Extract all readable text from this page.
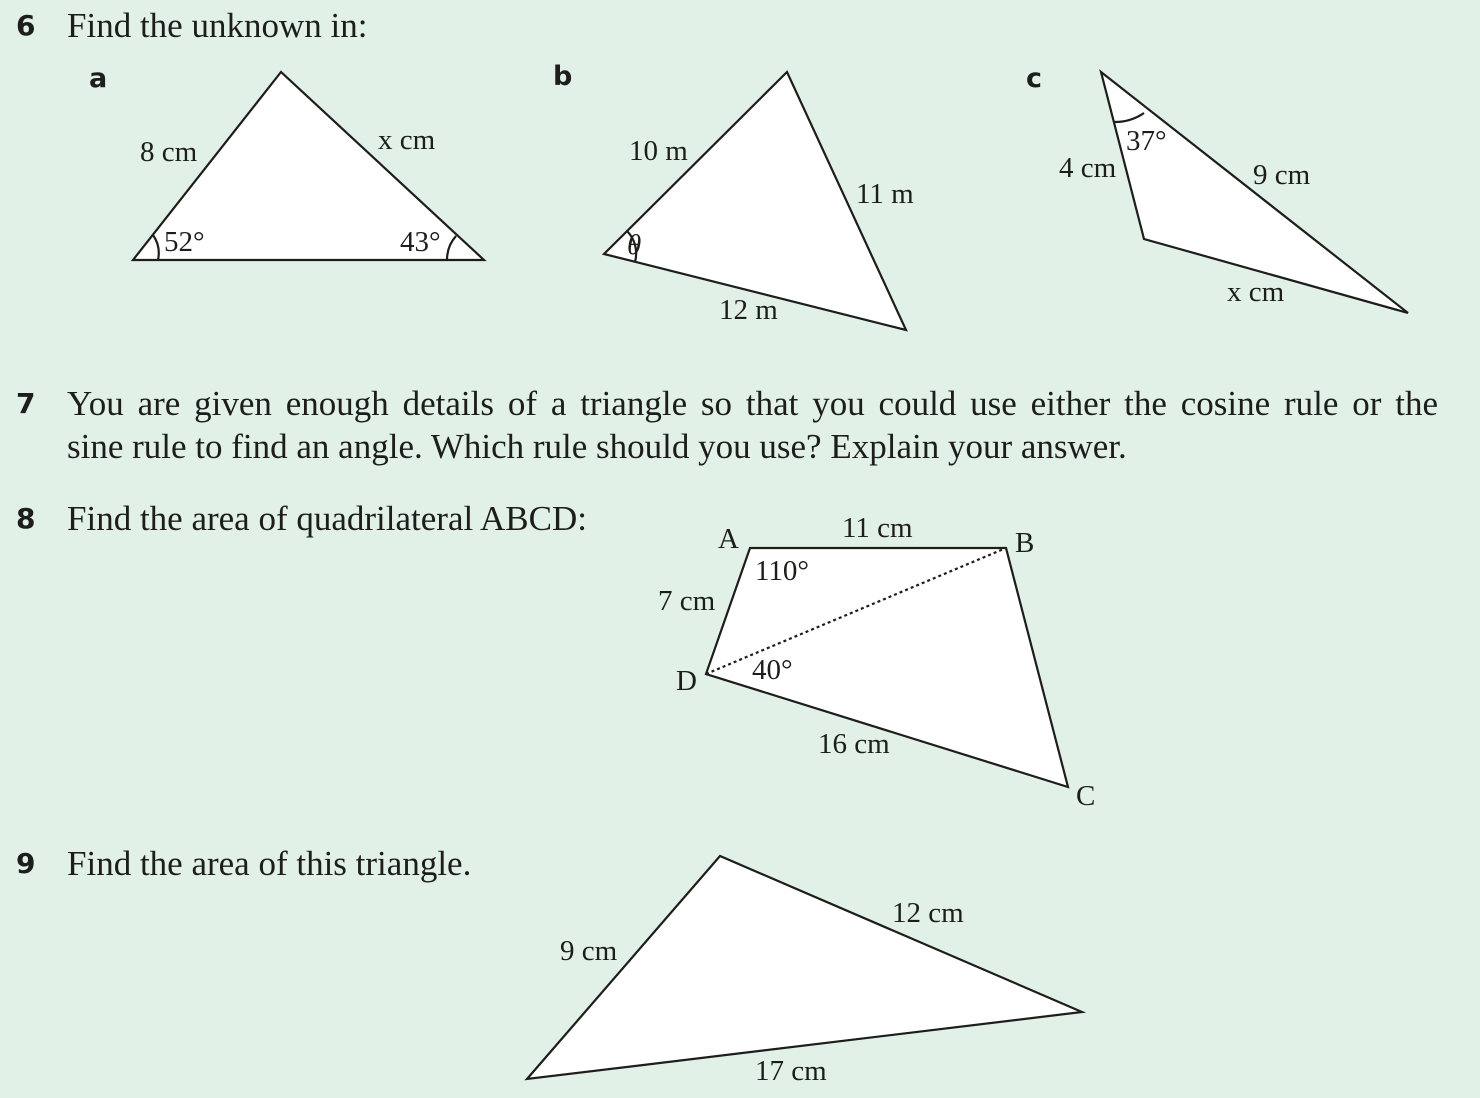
6 Find the unknown in:
a	b	c
7 You are given enough details of a triangle so that you could use either the cosine rule or the
sine rule to find an angle. Which rule should you use? Explain your answer.
8 Find the area of quadrilateral ABCD:
9 Find the area of this triangle.
8 cm	x cm
52°	43°
10 m
11 m
12 m
θ
4 cm	9 cm
x cm
37°
A	B
C
D
11 cm
7 cm
16 cm
110°
40°
9 cm
12 cm
17 cm
